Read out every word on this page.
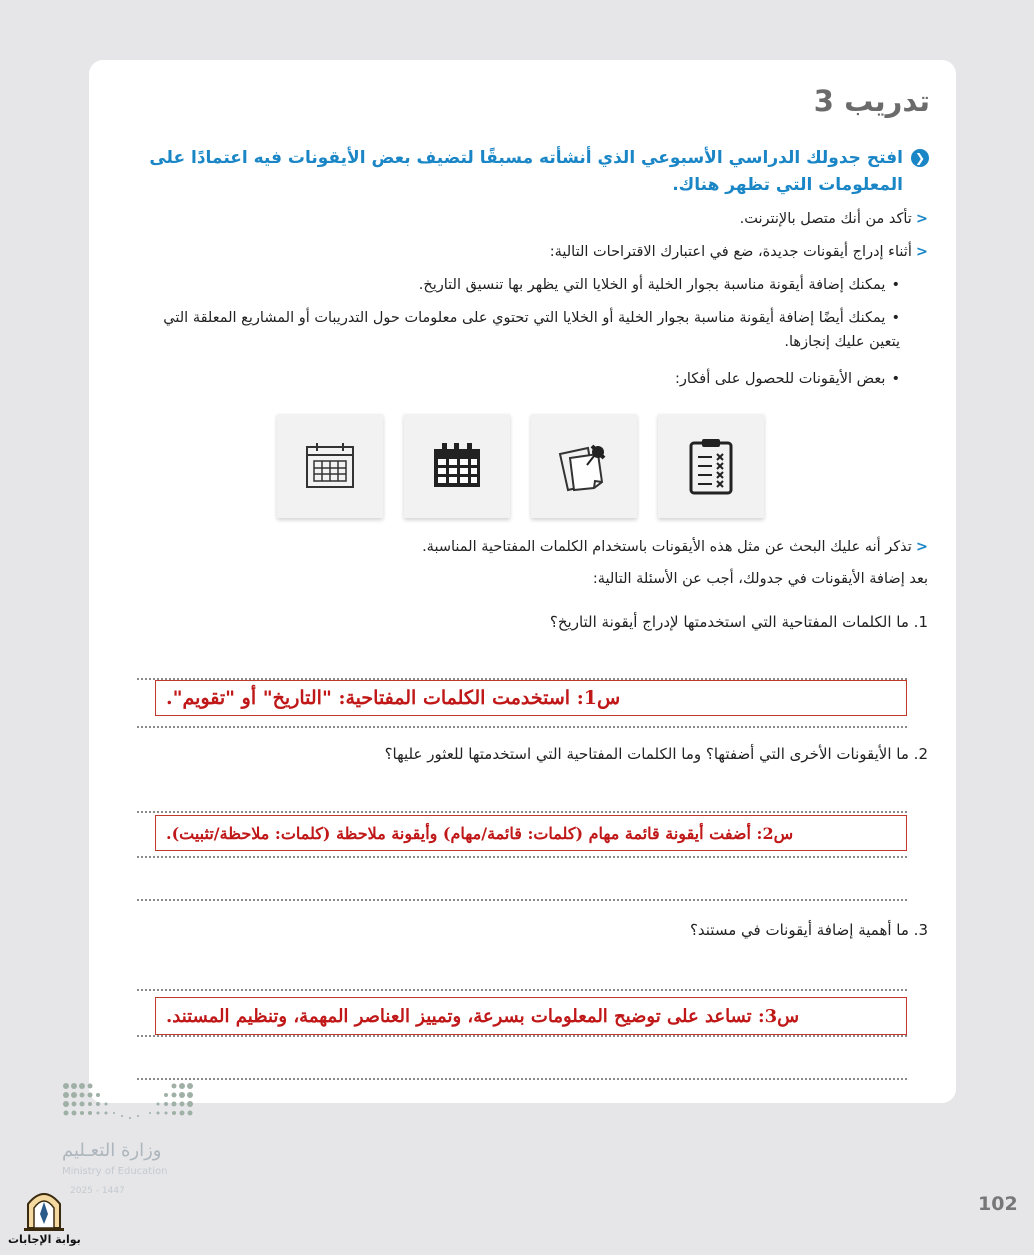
تدريب 3
❮
افتح جدولك الدراسي الأسبوعي الذي أنشأته مسبقًا لتضيف بعض الأيقونات فيه اعتمادًا على المعلومات التي تظهر هناك.
<تأكد من أنك متصل بالإنترنت.
<أثناء إدراج أيقونات جديدة، ضع في اعتبارك الاقتراحات التالية:
•يمكنك إضافة أيقونة مناسبة بجوار الخلية أو الخلايا التي يظهر بها تنسيق التاريخ.
•يمكنك أيضًا إضافة أيقونة مناسبة بجوار الخلية أو الخلايا التي تحتوي على معلومات حول التدريبات أو المشاريع المعلقة التي يتعين عليك إنجازها.
•بعض الأيقونات للحصول على أفكار:
<تذكر أنه عليك البحث عن مثل هذه الأيقونات باستخدام الكلمات المفتاحية المناسبة.
بعد إضافة الأيقونات في جدولك، أجب عن الأسئلة التالية:
1. ما الكلمات المفتاحية التي استخدمتها لإدراج أيقونة التاريخ؟
س1: استخدمت الكلمات المفتاحية: "التاريخ" أو "تقويم".
2. ما الأيقونات الأخرى التي أضفتها؟ وما الكلمات المفتاحية التي استخدمتها للعثور عليها؟
س2: أضفت أيقونة قائمة مهام (كلمات: قائمة/مهام) وأيقونة ملاحظة (كلمات: ملاحظة/تثبيت).
3. ما أهمية إضافة أيقونات في مستند؟
س3: تساعد على توضيح المعلومات بسرعة، وتمييز العناصر المهمة، وتنظيم المستند.
وزارة التعـليم
Ministry of Education
2025 - 1447
بوابة الإجابات
102
